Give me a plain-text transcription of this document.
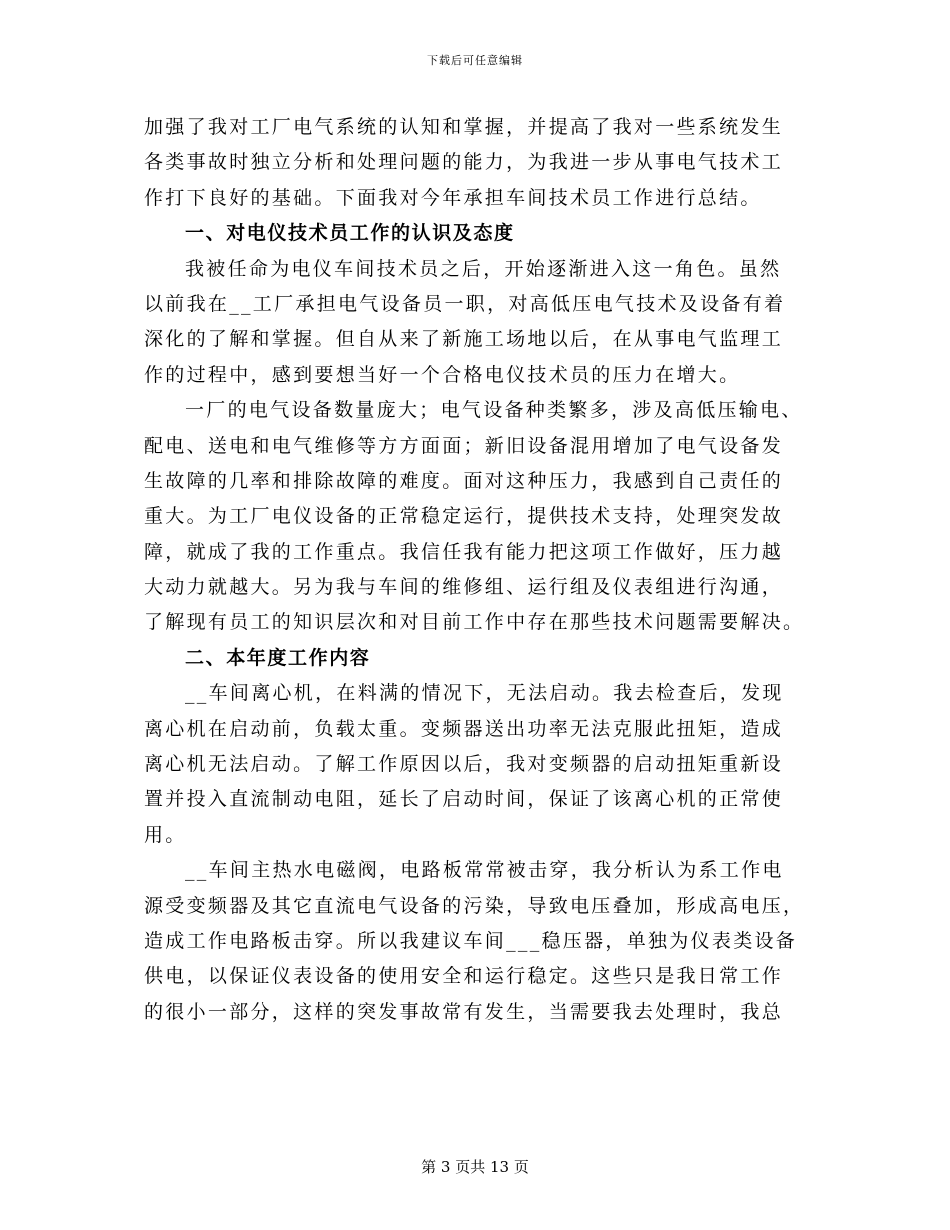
下载后可任意编辑
加强了我对工厂电气系统的认知和掌握，并提高了我对一些系统发生
各类事故时独立分析和处理问题的能力，为我进一步从事电气技术工
作打下良好的基础。下面我对今年承担车间技术员工作进行总结。
一、对电仪技术员工作的认识及态度
我被任命为电仪车间技术员之后，开始逐渐进入这一角色。虽然
以前我在__工厂承担电气设备员一职，对高低压电气技术及设备有着
深化的了解和掌握。但自从来了新施工场地以后，在从事电气监理工
作的过程中，感到要想当好一个合格电仪技术员的压力在增大。
一厂的电气设备数量庞大；电气设备种类繁多，涉及高低压输电、
配电、送电和电气维修等方方面面；新旧设备混用增加了电气设备发
生故障的几率和排除故障的难度。面对这种压力，我感到自己责任的
重大。为工厂电仪设备的正常稳定运行，提供技术支持，处理突发故
障，就成了我的工作重点。我信任我有能力把这项工作做好，压力越
大动力就越大。另为我与车间的维修组、运行组及仪表组进行沟通，
了解现有员工的知识层次和对目前工作中存在那些技术问题需要解决。
二、本年度工作内容
__车间离心机，在料满的情况下，无法启动。我去检查后，发现
离心机在启动前，负载太重。变频器送出功率无法克服此扭矩，造成
离心机无法启动。了解工作原因以后，我对变频器的启动扭矩重新设
置并投入直流制动电阻，延长了启动时间，保证了该离心机的正常使
用。
__车间主热水电磁阀，电路板常常被击穿，我分析认为系工作电
源受变频器及其它直流电气设备的污染，导致电压叠加，形成高电压，
造成工作电路板击穿。所以我建议车间___稳压器，单独为仪表类设备
供电，以保证仪表设备的使用安全和运行稳定。这些只是我日常工作
的很小一部分，这样的突发事故常有发生，当需要我去处理时，我总
第 3 页共 13 页
